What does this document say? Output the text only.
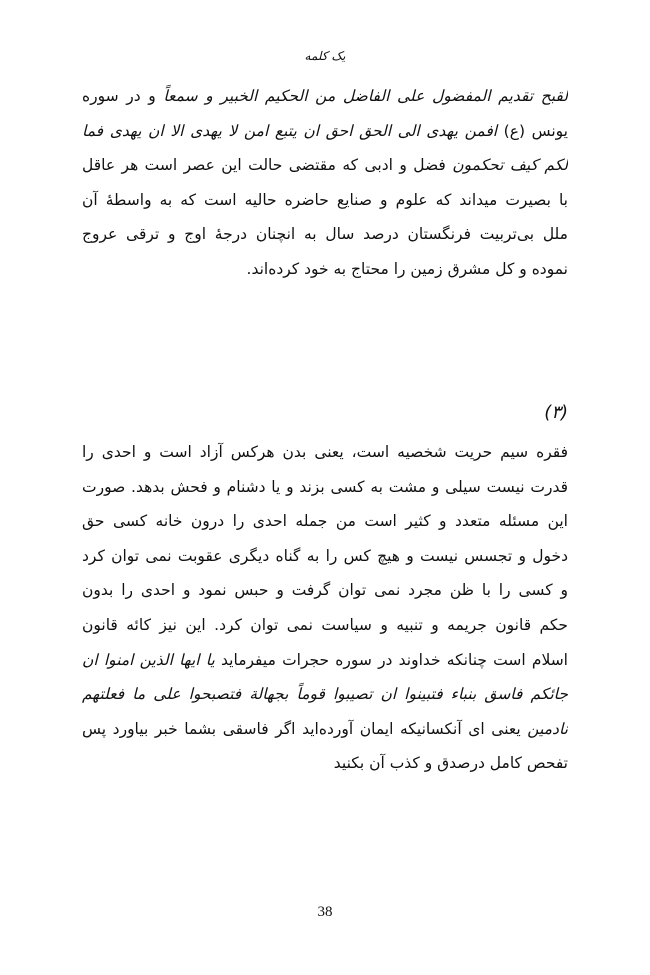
یک کلمه
لقبح تقدیم المفضول علی الفاضل من الحکیم الخبیر و سمعاً و در سوره
یونس (ع) افمن یهدی الی الحق احق ان یتبع امن لا یهدی الا ان یهدی فما
لکم کیف تحکمون فضل و ادبی که مقتضی حالت این عصر است هر عاقل
با بصیرت میداند که علوم و صنایع حاضره حالیه است که به واسطهٔ آن
ملل بی‌تربیت فرنگستان درصد سال به انچنان درجهٔ اوج و ترقی عروج
نموده و کل مشرق زمین را محتاج به خود کرده‌اند.
(۳)
فقره سیم حریت شخصیه است، یعنی بدن هرکس آزاد است و احدی را
قدرت نیست سیلی و مشت به کسی بزند و یا دشنام و فحش بدهد. صورت
این مسئله متعدد و کثیر است من جمله احدی را درون خانه کسی حق
دخول و تجسس نیست و هیچ کس را به گناه دیگری عقوبت نمی توان کرد
و کسی را با ظن مجرد نمی توان گرفت و حبس نمود و احدی را بدون
حکم قانون جریمه و تنبیه و سیاست نمی توان کرد. این نیز کائه قانون
اسلام است چنانکه خداوند در سوره حجرات میفرماید یا ایها الذین امنوا ان
جائکم فاسق بنباء فتبینوا ان تصیبوا قوماً بجهالة فتصبحوا علی ما فعلتهم
نادمین یعنی ای آنکسانیکه ایمان آورده‌اید اگر فاسقی بشما خبر بیاورد پس
تفحص کامل درصدق و کذب آن بکنید
38
